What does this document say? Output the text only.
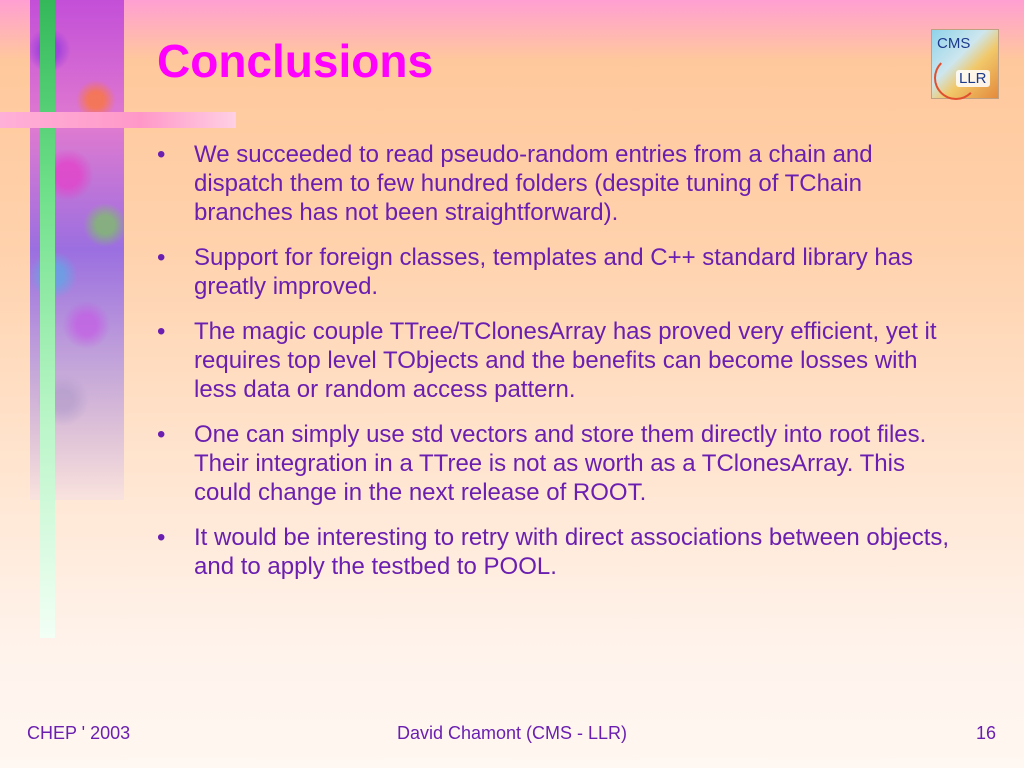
Conclusions	CMS
LLR
• We succeeded to read pseudo-random entries from a chain and dispatch them to few hundred folders (despite tuning of TChain branches has not been straightforward).
• Support for foreign classes, templates and C++ standard library has greatly improved.
• The magic couple TTree/TClonesArray has proved very efficient, yet it requires top level TObjects and the benefits can become losses with less data or random access pattern.
• One can simply use std vectors and store them directly into root files. Their integration in a TTree is not as worth as a TClonesArray. This could change in the next release of ROOT.
• It would be interesting to retry with direct associations between objects, and to apply the testbed to POOL.
CHEP ' 2003	David Chamont (CMS - LLR)	16
